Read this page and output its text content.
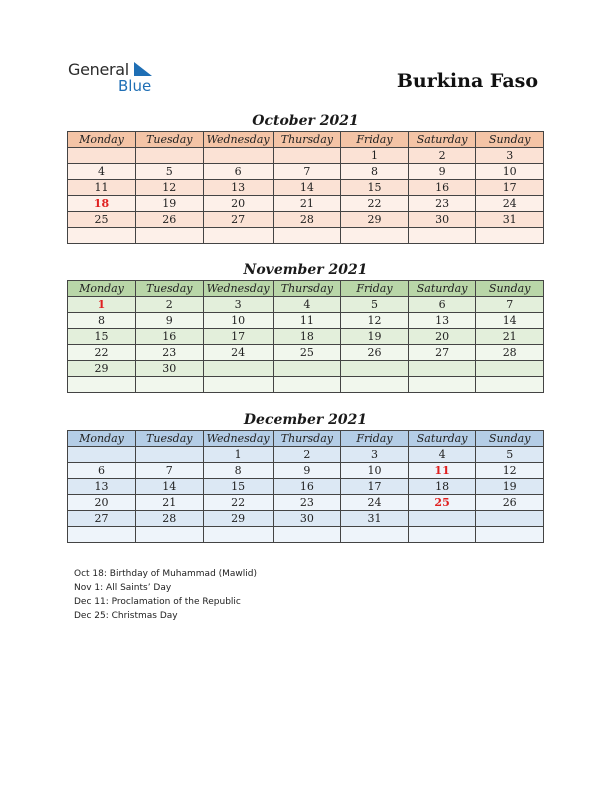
General
Blue	Burkina Faso
October 2021
Monday	Tuesday	Wednesday	Thursday	Friday	Saturday	Sunday
				1	2	3
4	5	6	7	8	9	10
11	12	13	14	15	16	17
18	19	20	21	22	23	24
25	26	27	28	29	30	31

November 2021
Monday	Tuesday	Wednesday	Thursday	Friday	Saturday	Sunday
1	2	3	4	5	6	7
8	9	10	11	12	13	14
15	16	17	18	19	20	21
22	23	24	25	26	27	28
29	30					

December 2021
Monday	Tuesday	Wednesday	Thursday	Friday	Saturday	Sunday
		1	2	3	4	5
6	7	8	9	10	11	12
13	14	15	16	17	18	19
20	21	22	23	24	25	26
27	28	29	30	31		

Oct 18: Birthday of Muhammad (Mawlid)
Nov 1: All Saints’ Day
Dec 11: Proclamation of the Republic
Dec 25: Christmas Day
